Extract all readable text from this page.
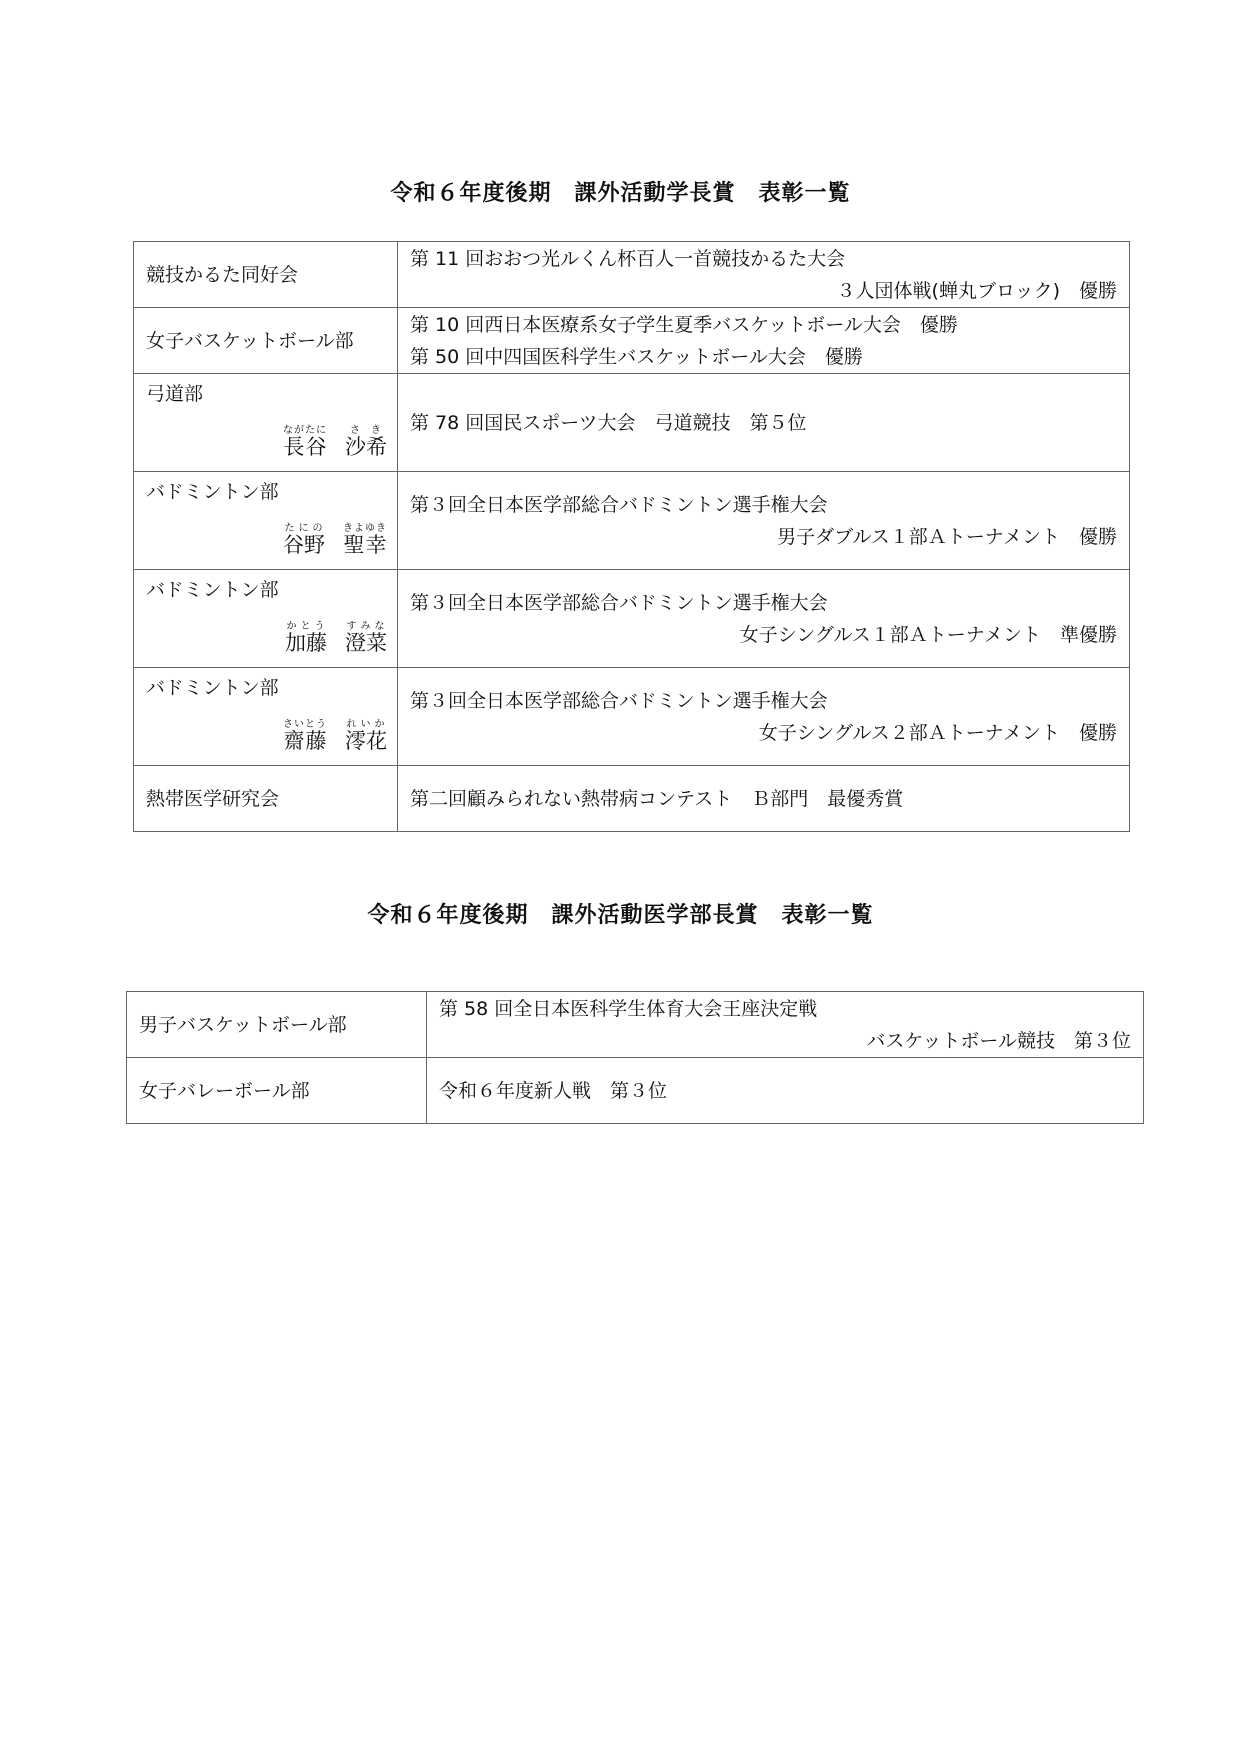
令和６年度後期　課外活動学長賞　表彰一覧
競技かるた同好会	第 11 回おおつ光ルくん杯百人一首競技かるた大会
３人団体戦(蝉丸ブロック)　優勝

女子バスケットボール部	第 10 回西日本医療系女子学生夏季バスケットボール大会　優勝
第 50 回中四国医科学生バスケットボール大会　優勝

弓道部
長谷ながたに
沙希さき	第 78 回国民スポーツ大会　弓道競技　第５位

バドミントン部
谷野たにの
聖幸きよゆき	第３回全日本医学部総合バドミントン選手権大会
男子ダブルス１部Ａトーナメント　優勝

バドミントン部
加藤かとう
澄菜すみな	第３回全日本医学部総合バドミントン選手権大会
女子シングルス１部Ａトーナメント　準優勝

バドミントン部
齋藤さいとう
澪花れいか	第３回全日本医学部総合バドミントン選手権大会
女子シングルス２部Ａトーナメント　優勝

熱帯医学研究会	第二回顧みられない熱帯病コンテスト　Ｂ部門　最優秀賞
令和６年度後期　課外活動医学部長賞　表彰一覧
男子バスケットボール部	第 58 回全日本医科学生体育大会王座決定戦
バスケットボール競技　第３位

女子バレーボール部	令和６年度新人戦　第３位
